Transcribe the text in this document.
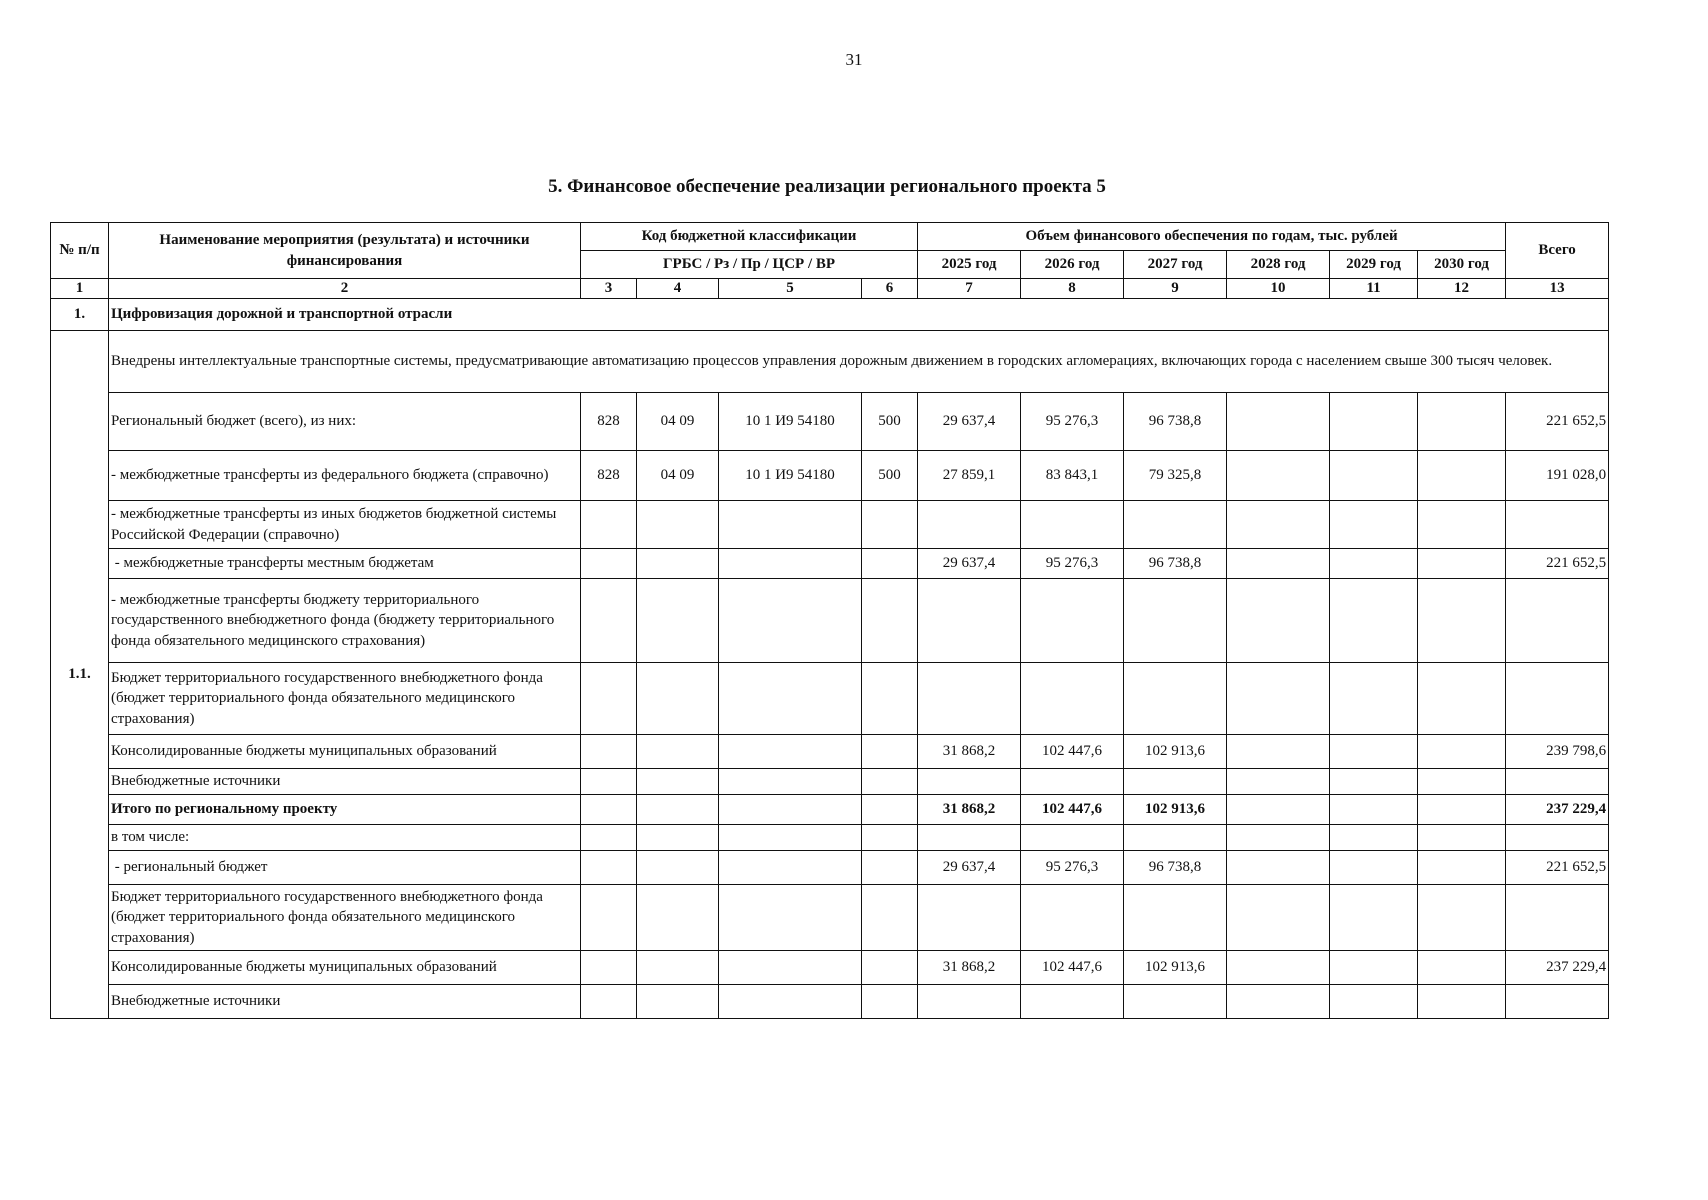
31
5. Финансовое обеспечение реализации регионального проекта 5
№ п/п	Наименование мероприятия (результата) и источники финансирования	Код бюджетной классификации				Объем финансового обеспечения по годам, тыс. рублей						Всего
		ГРБС / Рз / Пр / ЦСР / ВР				2025 год	2026 год	2027 год	2028 год	2029 год	2030 год	
1	2	3	4	5	6	7	8	9	10	11	12	13
1.	Цифровизация дорожной и транспортной отрасли											
1.1.	Внедрены интеллектуальные транспортные системы, предусматривающие автоматизацию процессов управления дорожным движением в городских агломерациях, включающих города с населением свыше 300 тысяч человек.											
	Региональный бюджет (всего), из них:	828	04 09	10 1 И9 54180	500	29 637,4	95 276,3	96 738,8				221 652,5
	- межбюджетные трансферты из федерального бюджета (справочно)	828	04 09	10 1 И9 54180	500	27 859,1	83 843,1	79 325,8				191 028,0
	- межбюджетные трансферты из иных бюджетов бюджетной системы Российской Федерации (справочно)											
	- межбюджетные трансферты местным бюджетам					29 637,4	95 276,3	96 738,8				221 652,5
	- межбюджетные трансферты бюджету территориального государственного внебюджетного фонда (бюджету территориального фонда обязательного медицинского страхования)											
	Бюджет территориального государственного внебюджетного фонда (бюджет территориального фонда обязательного медицинского страхования)											
	Консолидированные бюджеты муниципальных образований					31 868,2	102 447,6	102 913,6				239 798,6
	Внебюджетные источники											
	Итого по региональному проекту					31 868,2	102 447,6	102 913,6				237 229,4
	в том числе:											
	- региональный бюджет					29 637,4	95 276,3	96 738,8				221 652,5
	Бюджет территориального государственного внебюджетного фонда (бюджет территориального фонда обязательного медицинского страхования)											
	Консолидированные бюджеты муниципальных образований					31 868,2	102 447,6	102 913,6				237 229,4
	Внебюджетные источники											
